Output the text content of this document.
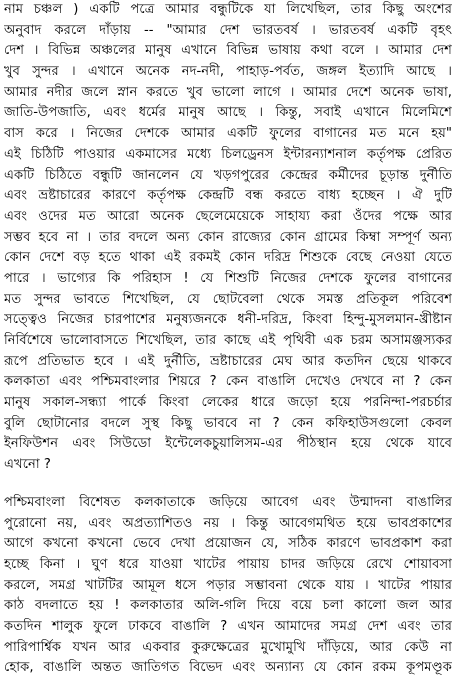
নাম চঞ্চল ) একটি পত্রে আমার বন্ধুটিকে যা লিখেছিল, তার কিছু অংশের
অনুবাদ করলে দাঁড়ায় -- "আমার দেশ ভারতবর্ষ । ভারতবর্ষ একটি বৃহৎ
দেশ । বিভিন্ন অঞ্চলের মানুষ এখানে বিভিন্ন ভাষায় কথা বলে । আমার দেশ
খুব সুন্দর । এখানে অনেক নদ-নদী, পাহাড়-পর্বত, জঙ্গল ইত্যাদি আছে ।
আমার নদীর জলে স্নান করতে খুব ভালো লাগে । আমার দেশে অনেক ভাষা,
জাতি-উপজাতি, এবং ধর্মের মানুষ আছে । কিন্তু, সবাই এখানে মিলেমিশে
বাস করে । নিজের দেশকে আমার একটি ফুলের বাগানের মত মনে হয়"
এই চিঠিটি পাওয়ার একমাসের মধ্যে চিলড্রেনস ইন্টারন্যাশনাল কর্তৃপক্ষ প্রেরিত
একটি চিঠিতে বন্ধুটি জানলেন যে খড়গপুরের কেন্দ্রের কর্মীদের চূড়ান্ত দুর্নীতি
এবং ভ্রষ্টাচারের কারণে কর্তৃপক্ষ কেন্দ্রটি বন্ধ করতে বাধ্য হচ্ছেন । ঐ দুটি
এবং ওদের মত আরো অনেক ছেলেমেয়েকে সাহায্য করা ওঁদের পক্ষে আর
সম্ভব হবে না । তার বদলে অন্য কোন রাজ্যের কোন গ্রামের কিম্বা সম্পূর্ণ অন্য
কোন দেশে বড় হতে থাকা এই রকমই কোন দরিদ্র শিশুকে বেছে নেওয়া যেতে
পারে । ভাগ্যের কি পরিহাস ! যে শিশুটি নিজের দেশকে ফুলের বাগানের
মত সুন্দর ভাবতে শিখেছিল, যে ছোটবেলা থেকে সমস্ত প্রতিকূল পরিবেশ
সত্ত্বেও নিজের চারপাশের মনুষ্যজনকে ধনী-দরিদ্র, কিংবা হিন্দু-মুসলমান-খ্রীষ্টান
নির্বিশেষে ভালোবাসতে শিখেছিল, তার কাছে এই পৃথিবী এক চরম অসামঞ্জস্যকর
রূপে প্রতিভাত হবে । এই দুর্নীতি, ভ্রষ্টাচারের মেঘ আর কতদিন ছেয়ে থাকবে
কলকাতা এবং পশ্চিমবাংলার শিয়রে ? কেন বাঙালি দেখেও দেখবে না ? কেন
মানুষ সকাল-সন্ধ্যা পার্কে কিংবা লেকের ধারে জড়ো হয়ে পরনিন্দা-পরচর্চার
বুলি ছোটানোর বদলে সুস্থ কিছু ভাববে না ? কেন কফিহাউসগুলো কেবল
ইনফিউশন এবং সিউডো ইন্টেলেকচুয়ালিসম-এর পীঠস্থান হয়ে থেকে যাবে
এখনো ?
পশ্চিমবাংলা বিশেষত কলকাতাকে জড়িয়ে আবেগ এবং উন্মাদনা বাঙালির
পুরোনো নয়, এবং অপ্রত্যাশিতও নয় । কিন্তু আবেগমথিত হয়ে ভাবপ্রকাশের
আগে কখনো কখনো ভেবে দেখা প্রয়োজন যে, সঠিক কারণে ভাবপ্রকাশ করা
হচ্ছে কিনা । ঘুণ ধরে যাওয়া খাটের পায়ায় চাদর জড়িয়ে রেখে শোয়াবসা
করলে, সমগ্র খাটটির আমূল ধসে পড়ার সম্ভাবনা থেকে যায় । খাটের পায়ার
কাঠ বদলাতে হয় ! কলকাতার অলি-গলি দিয়ে বয়ে চলা কালো জল আর
কতদিন শালুক ফুলে ঢাকবে বাঙালি ? এখন আমাদের সমগ্র দেশ এবং তার
পারিপার্শ্বিক যখন আর একবার কুরুক্ষেত্রের মুখোমুখি দাঁড়িয়ে, আর কেউ না
হোক, বাঙালি অন্তত জাতিগত বিভেদ এবং অন্যান্য যে কোন রকম কূপমণ্ডূক
